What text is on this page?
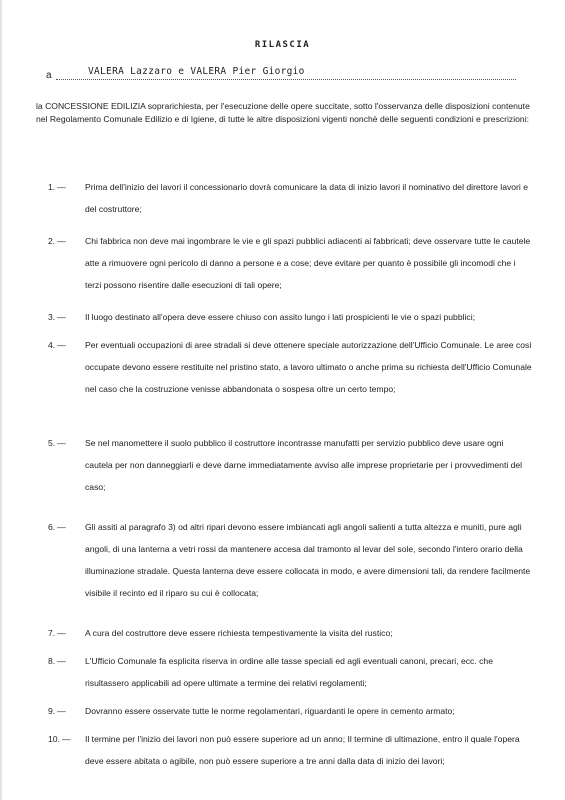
RILASCIA
a	VALERA Lazzaro e VALERA Pier Giorgio
la CONCESSIONE EDILIZIA soprarichiesta, per l'esecuzione delle opere succitate, sotto l'osservanza delle disposizioni contenute nel Regolamento Comunale Edilizio e di Igiene, di tutte le altre disposizioni vigenti nonchè delle seguenti condizioni e prescrizioni:
1. —	Prima dell'inizio dei lavori il concessionario dovrà comunicare la data di inizio lavori il nominativo del direttore lavori e del costruttore;
2. —	Chi fabbrica non deve mai ingombrare le vie e gli spazi pubblici adiacenti ai fabbricati; deve osservare tutte le cautele atte a rimuovere ogni pericolo di danno a persone e a cose; deve evitare per quanto è possibile gli incomodi che i terzi possono risentire dalle esecuzioni di tali opere;
3. —	Il luogo destinato all'opera deve essere chiuso con assito lungo i lati prospicienti le vie o spazi pubblici;
4. —	Per eventuali occupazioni di aree stradali si deve ottenere speciale autorizzazione dell'Ufficio Comunale. Le aree così occupate devono essere restituite nel pristino stato, a lavoro ultimato o anche prima su richiesta dell'Ufficio Comunale nel caso che la costruzione venisse abbandonata o sospesa oltre un certo tempo;
5. —	Se nel manomettere il suolo pubblico il costruttore incontrasse manufatti per servizio pubblico deve usare ogni cautela per non danneggiarli e deve darne immediatamente avviso alle imprese proprietarie per i provvedimenti del caso;
6. —	Gli assiti al paragrafo 3) od altri ripari devono essere imbiancati agli angoli salienti a tutta altezza e muniti, pure agli angoli, di una lanterna a vetri rossi da mantenere accesa dal tramonto al levar del sole, secondo l'intero orario della illuminazione stradale. Questa lanterna deve essere collocata in modo, e avere dimensioni tali, da rendere facilmente visibile il recinto ed il riparo su cui è collocata;
7. —	A cura del costruttore deve essere richiesta tempestivamente la visita del rustico;
8. —	L'Ufficio Comunale fa esplicita riserva in ordine alle tasse speciali ed agli eventuali canoni, precari, ecc. che risultassero applicabili ad opere ultimate a termine dei relativi regolamenti;
9. —	Dovranno essere osservate tutte le norme regolamentari, riguardanti le opere in cemento armato;
10. —	Il termine per l'inizio dei lavori non può essere superiore ad un anno; Il termine di ultimazione, entro il quale l'opera deve essere abitata o agibile, non può essere superiore a tre anni dalla data di inizio dei lavori;
